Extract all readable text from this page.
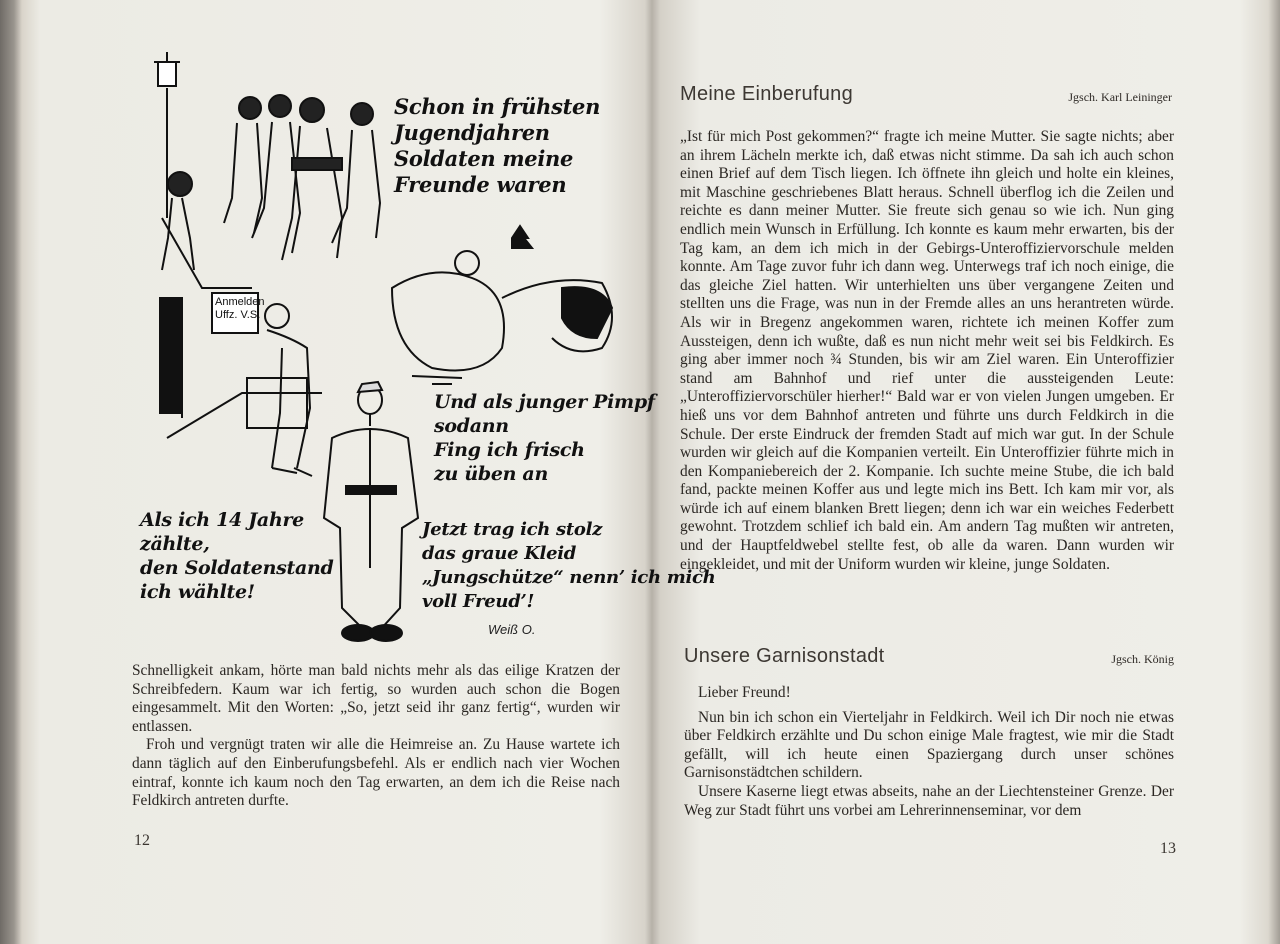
Schon in frühsten
Jugendjahren
Soldaten meine
Freunde waren
Und als junger Pimpf
sodann
Fing ich frisch
zu üben an
Als ich 14 Jahre
zählte,
den Soldatenstand
ich wählte!
Jetzt trag ich stolz
das graue Kleid
„Jungschütze“ nenn’ ich mich
voll Freud’!
Anmelden
Uffz. V.S.
Weiß O.

Schnelligkeit ankam, hörte man bald nichts mehr als das eilige Kratzen der Schreibfedern. Kaum war ich fertig, so wurden auch schon die Bogen eingesammelt. Mit den Worten: „So, jetzt seid ihr ganz fertig“, wurden wir entlassen.

Froh und vergnügt traten wir alle die Heimreise an. Zu Hause wartete ich dann täglich auf den Einberufungsbefehl. Als er endlich nach vier Wochen eintraf, konnte ich kaum noch den Tag erwarten, an dem ich die Reise nach Feldkirch antreten durfte.

12
Meine Einberufung	Jgsch. Karl Leininger

„Ist für mich Post gekommen?“ fragte ich meine Mutter. Sie sagte nichts; aber an ihrem Lächeln merkte ich, daß etwas nicht stimme. Da sah ich auch schon einen Brief auf dem Tisch liegen. Ich öffnete ihn gleich und holte ein kleines, mit Maschine geschriebenes Blatt heraus. Schnell überflog ich die Zeilen und reichte es dann meiner Mutter. Sie freute sich genau so wie ich. Nun ging endlich mein Wunsch in Erfüllung. Ich konnte es kaum mehr erwarten, bis der Tag kam, an dem ich mich in der Gebirgs-Unteroffiziervorschule melden konnte. Am Tage zuvor fuhr ich dann weg. Unterwegs traf ich noch einige, die das gleiche Ziel hatten. Wir unterhielten uns über vergangene Zeiten und stellten uns die Frage, was nun in der Fremde alles an uns herantreten würde. Als wir in Bregenz angekommen waren, richtete ich meinen Koffer zum Aussteigen, denn ich wußte, daß es nun nicht mehr weit sei bis Feldkirch. Es ging aber immer noch ¾ Stunden, bis wir am Ziel waren. Ein Unteroffizier stand am Bahnhof und rief unter die aussteigenden Leute: „Unteroffiziervorschüler hierher!“ Bald war er von vielen Jungen umgeben. Er hieß uns vor dem Bahnhof antreten und führte uns durch Feldkirch in die Schule. Der erste Eindruck der fremden Stadt auf mich war gut. In der Schule wurden wir gleich auf die Kompanien verteilt. Ein Unteroffizier führte mich in den Kompaniebereich der 2. Kompanie. Ich suchte meine Stube, die ich bald fand, packte meinen Koffer aus und legte mich ins Bett. Ich kam mir vor, als würde ich auf einem blanken Brett liegen; denn ich war ein weiches Federbett gewohnt. Trotzdem schlief ich bald ein. Am andern Tag mußten wir antreten, und der Hauptfeldwebel stellte fest, ob alle da waren. Dann wurden wir eingekleidet, und mit der Uniform wurden wir kleine, junge Soldaten.

Unsere Garnisonstadt	Jgsch. König

Lieber Freund!

Nun bin ich schon ein Vierteljahr in Feldkirch. Weil ich Dir noch nie etwas über Feldkirch erzählte und Du schon einige Male fragtest, wie mir die Stadt gefällt, will ich heute einen Spaziergang durch unser schönes Garnisonstädtchen schildern.

Unsere Kaserne liegt etwas abseits, nahe an der Liechtensteiner Grenze. Der Weg zur Stadt führt uns vorbei am Lehrerinnenseminar, vor dem

13
